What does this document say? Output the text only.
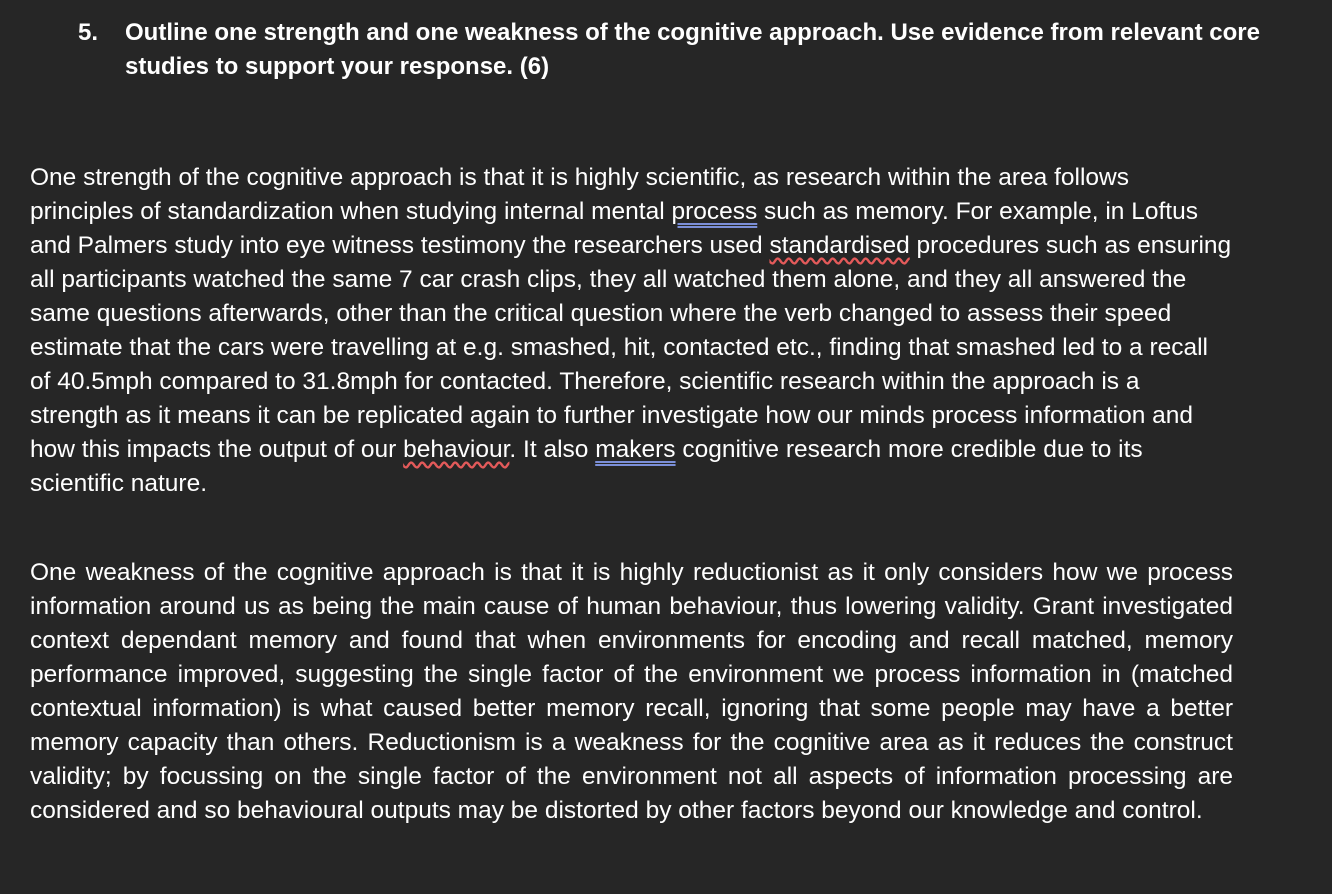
5.	Outline one strength and one weakness of the cognitive approach. Use evidence from relevant core studies to support your response. (6)

One strength of the cognitive approach is that it is highly scientific, as research within the area follows principles of standardization when studying internal mental process such as memory. For example, in Loftus and Palmers study into eye witness testimony the researchers used standardised procedures such as ensuring all participants watched the same 7 car crash clips, they all watched them alone, and they all answered the same questions afterwards, other than the critical question where the verb changed to assess their speed estimate that the cars were travelling at e.g. smashed, hit, contacted etc., finding that smashed led to a recall of 40.5mph compared to 31.8mph for contacted. Therefore, scientific research within the approach is a strength as it means it can be replicated again to further investigate how our minds process information and how this impacts the output of our behaviour. It also makers cognitive research more credible due to its scientific nature.

One weakness of the cognitive approach is that it is highly reductionist as it only considers how we process information around us as being the main cause of human behaviour, thus lowering validity. Grant investigated context dependant memory and found that when environments for encoding and recall matched, memory performance improved, suggesting the single factor of the environment we process information in (matched contextual information) is what caused better memory recall, ignoring that some people may have a better memory capacity than others. Reductionism is a weakness for the cognitive area as it reduces the construct validity; by focussing on the single factor of the environment not all aspects of information processing are considered and so behavioural outputs may be distorted by other factors beyond our knowledge and control.
